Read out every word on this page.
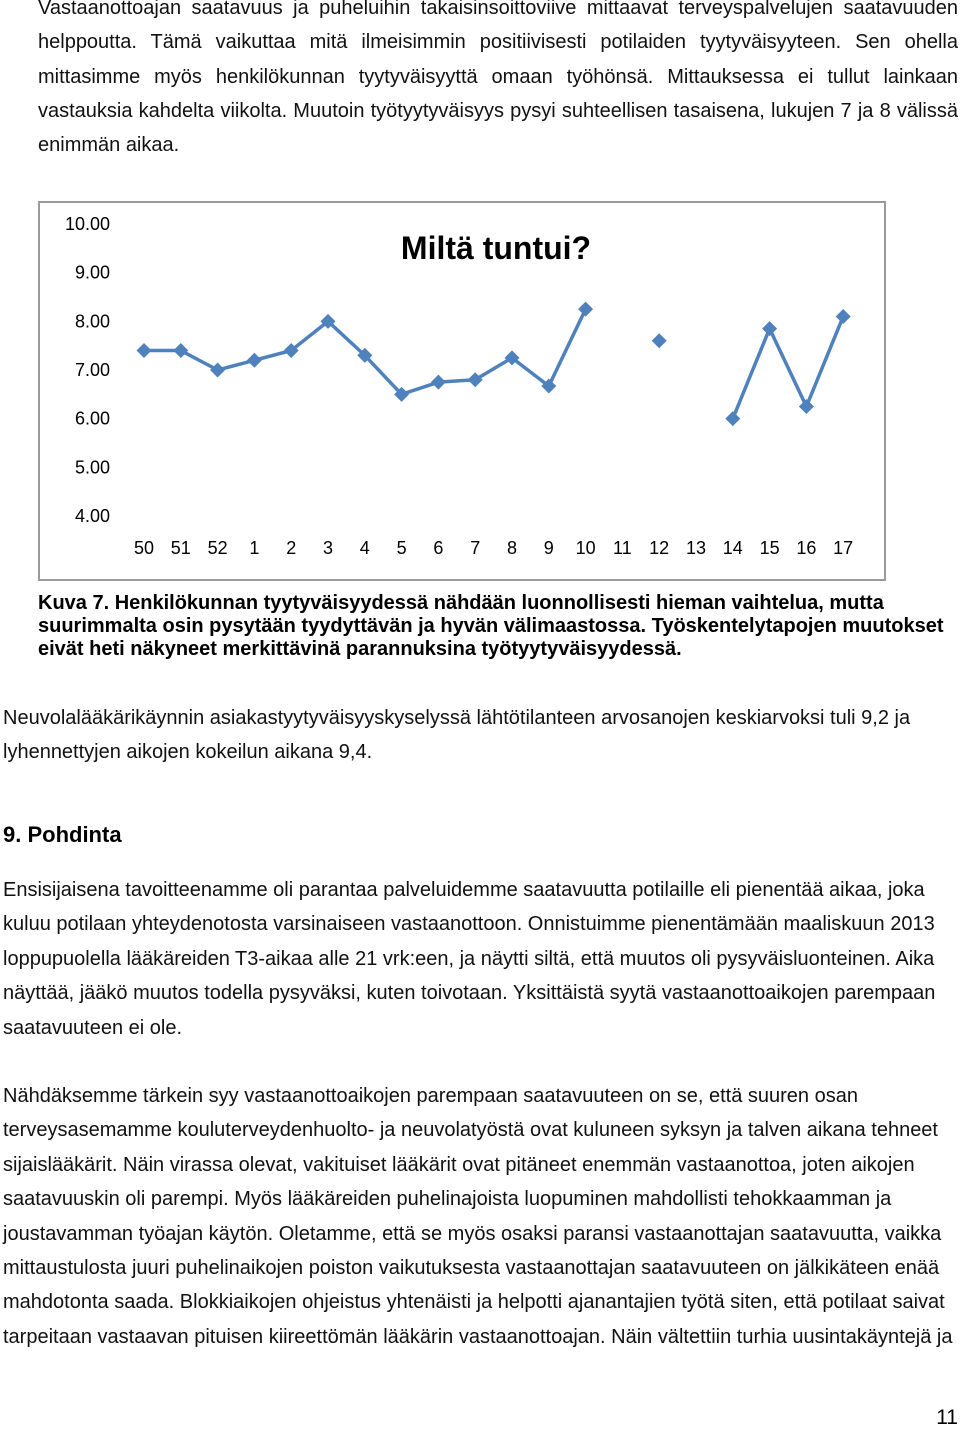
Vastaanottoajan saatavuus ja puheluihin takaisinsoittoviive mittaavat terveyspalvelujen saatavuuden
helppoutta. Tämä vaikuttaa mitä ilmeisimmin positiivisesti potilaiden tyytyväisyyteen. Sen ohella
mittasimme myös henkilökunnan tyytyväisyyttä omaan työhönsä. Mittauksessa ei tullut lainkaan
vastauksia kahdelta viikolta. Muutoin työtyytyväisyys pysyi suhteellisen tasaisena, lukujen 7 ja 8 välissä
enimmän aikaa.
Miltä tuntui?
10.00
9.00
8.00
7.00
6.00
5.00
4.00
50 51 52 1 2 3 4 5 6 7 8 9 10 11 12 13 14 15 16 17
Kuva 7. Henkilökunnan tyytyväisyydessä nähdään luonnollisesti hieman vaihtelua, mutta
suurimmalta osin pysytään tyydyttävän ja hyvän välimaastossa. Työskentelytapojen muutokset
eivät heti näkyneet merkittävinä parannuksina työtyytyväisyydessä.
Neuvolalääkärikäynnin asiakastyytyväisyyskyselyssä lähtötilanteen arvosanojen keskiarvoksi tuli 9,2 ja
lyhennettyjen aikojen kokeilun aikana 9,4.
9. Pohdinta
Ensisijaisena tavoitteenamme oli parantaa palveluidemme saatavuutta potilaille eli pienentää aikaa, joka
kuluu potilaan yhteydenotosta varsinaiseen vastaanottoon. Onnistuimme pienentämään maaliskuun 2013
loppupuolella lääkäreiden T3-aikaa alle 21 vrk:een, ja näytti siltä, että muutos oli pysyväisluonteinen. Aika
näyttää, jääkö muutos todella pysyväksi, kuten toivotaan. Yksittäistä syytä vastaanottoaikojen parempaan
saatavuuteen ei ole.
Nähdäksemme tärkein syy vastaanottoaikojen parempaan saatavuuteen on se, että suuren osan
terveysasemamme kouluterveydenhuolto- ja neuvolatyöstä ovat kuluneen syksyn ja talven aikana tehneet
sijaislääkärit. Näin virassa olevat, vakituiset lääkärit ovat pitäneet enemmän vastaanottoa, joten aikojen
saatavuuskin oli parempi. Myös lääkäreiden puhelinajoista luopuminen mahdollisti tehokkaamman ja
joustavamman työajan käytön. Oletamme, että se myös osaksi paransi vastaanottajan saatavuutta, vaikka
mittaustulosta juuri puhelinaikojen poiston vaikutuksesta vastaanottajan saatavuuteen on jälkikäteen enää
mahdotonta saada. Blokkiaikojen ohjeistus yhtenäisti ja helpotti ajanantajien työtä siten, että potilaat saivat
tarpeitaan vastaavan pituisen kiireettömän lääkärin vastaanottoajan. Näin vältettiin turhia uusintakäyntejä ja
11
